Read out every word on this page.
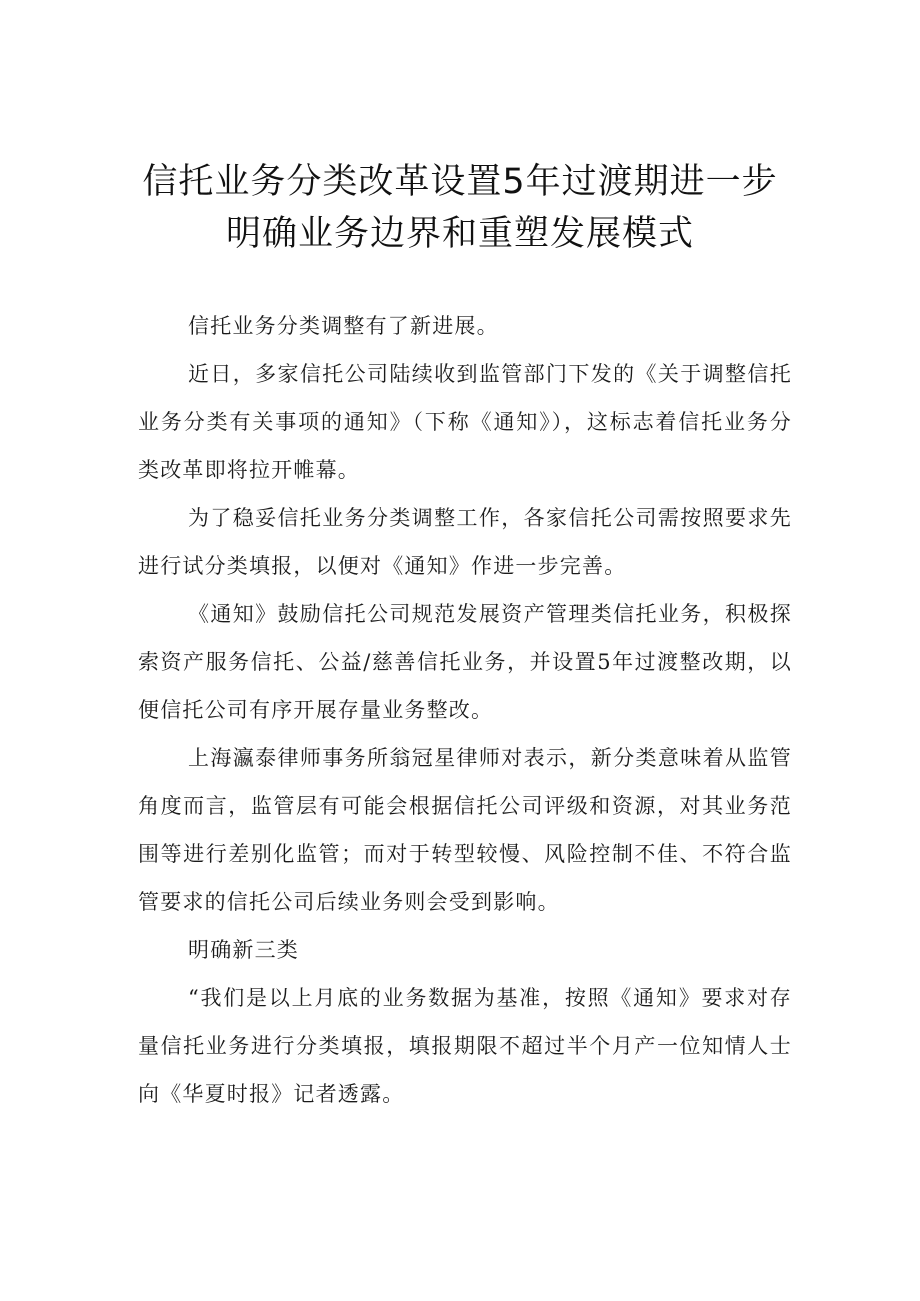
信托业务分类改革设置5年过渡期进一步
明确业务边界和重塑发展模式

信托业务分类调整有了新进展。

近日，多家信托公司陆续收到监管部门下发的《关于调整信托业务分类有关事项的通知》（下称《通知》），这标志着信托业务分类改革即将拉开帷幕。

为了稳妥信托业务分类调整工作，各家信托公司需按照要求先进行试分类填报，以便对《通知》作进一步完善。

《通知》鼓励信托公司规范发展资产管理类信托业务，积极探索资产服务信托、公益/慈善信托业务，并设置5年过渡整改期，以便信托公司有序开展存量业务整改。

上海瀛泰律师事务所翁冠星律师对表示，新分类意味着从监管角度而言，监管层有可能会根据信托公司评级和资源，对其业务范围等进行差别化监管；而对于转型较慢、风险控制不佳、不符合监管要求的信托公司后续业务则会受到影响。

明确新三类

“我们是以上月底的业务数据为基准，按照《通知》要求对存量信托业务进行分类填报，填报期限不超过半个月产一位知情人士向《华夏时报》记者透露。
